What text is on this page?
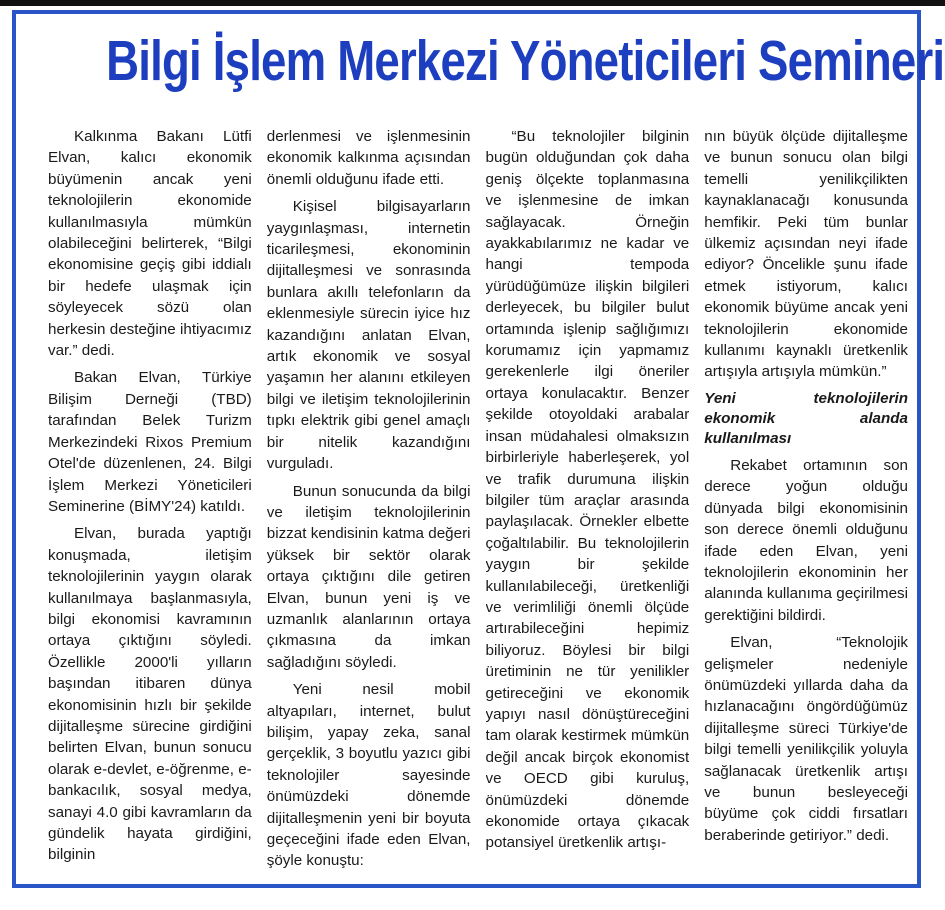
Bilgi İşlem Merkezi Yöneticileri Semineri

Kalkınma Bakanı Lütfi Elvan, kalıcı ekonomik büyümenin ancak yeni teknolojilerin ekonomide kullanılmasıyla mümkün olabileceğini belirterek, “Bilgi ekonomisine geçiş gibi iddialı bir hedefe ulaşmak için söyleyecek sözü olan herkesin desteğine ihtiyacımız var.” dedi.

Bakan Elvan, Türkiye Bilişim Derneği (TBD) tarafından Belek Turizm Merkezindeki Rixos Premium Otel'de düzenlenen, 24. Bilgi İşlem Merkezi Yöneticileri Seminerine (BİMY'24) katıldı.

Elvan, burada yaptığı konuşmada, iletişim teknolojilerinin yaygın olarak kullanılmaya başlanmasıyla, bilgi ekonomisi kavramının ortaya çıktığını söyledi. Özellikle 2000'li yılların başından itibaren dünya ekonomisinin hızlı bir şekilde dijitalleşme sürecine girdiğini belirten Elvan, bunun sonucu olarak e-devlet, e-öğrenme, e-bankacılık, sosyal medya, sanayi 4.0 gibi kavramların da gündelik hayata girdiğini, bilginin

derlenmesi ve işlenmesinin ekonomik kalkınma açısından önemli olduğunu ifade etti.

Kişisel bilgisayarların yaygınlaşması, internetin ticarileşmesi, ekonominin dijitalleşmesi ve sonrasında bunlara akıllı telefonların da eklenmesiyle sürecin iyice hız kazandığını anlatan Elvan, artık ekonomik ve sosyal yaşamın her alanını etkileyen bilgi ve iletişim teknolojilerinin tıpkı elektrik gibi genel amaçlı bir nitelik kazandığını vurguladı.

Bunun sonucunda da bilgi ve iletişim teknolojilerinin bizzat kendisinin katma değeri yüksek bir sektör olarak ortaya çıktığını dile getiren Elvan, bunun yeni iş ve uzmanlık alanlarının ortaya çıkmasına da imkan sağladığını söyledi.

Yeni nesil mobil altyapıları, internet, bulut bilişim, yapay zeka, sanal gerçeklik, 3 boyutlu yazıcı gibi teknolojiler sayesinde önümüzdeki dönemde dijitalleşmenin yeni bir boyuta geçeceğini ifade eden Elvan, şöyle konuştu:

“Bu teknolojiler bilginin bugün olduğundan çok daha geniş ölçekte toplanmasına ve işlenmesine de imkan sağlayacak. Örneğin ayakkabılarımız ne kadar ve hangi tempoda yürüdüğümüze ilişkin bilgileri derleyecek, bu bilgiler bulut ortamında işlenip sağlığımızı korumamız için yapmamız gerekenlerle ilgi öneriler ortaya konulacaktır. Benzer şekilde otoyoldaki arabalar insan müdahalesi olmaksızın birbirleriyle haberleşerek, yol ve trafik durumuna ilişkin bilgiler tüm araçlar arasında paylaşılacak. Örnekler elbette çoğaltılabilir. Bu teknolojilerin yaygın bir şekilde kullanılabileceği, üretkenliği ve verimliliği önemli ölçüde artırabileceğini hepimiz biliyoruz. Böylesi bir bilgi üretiminin ne tür yenilikler getireceğini ve ekonomik yapıyı nasıl dönüştüreceğini tam olarak kestirmek mümkün değil ancak birçok ekonomist ve OECD gibi kuruluş, önümüzdeki dönemde ekonomide ortaya çıkacak potansiyel üretkenlik artışı-

nın büyük ölçüde dijitalleşme ve bunun sonucu olan bilgi temelli yenilikçilikten kaynaklanacağı konusunda hemfikir. Peki tüm bunlar ülkemiz açısından neyi ifade ediyor? Öncelikle şunu ifade etmek istiyorum, kalıcı ekonomik büyüme ancak yeni teknolojilerin ekonomide kullanımı kaynaklı üretkenlik artışıyla artışıyla mümkün.”

Yeni teknolojilerin ekonomik alanda kullanılması

Rekabet ortamının son derece yoğun olduğu dünyada bilgi ekonomisinin son derece önemli olduğunu ifade eden Elvan, yeni teknolojilerin ekonominin her alanında kullanıma geçirilmesi gerektiğini bildirdi.

Elvan, “Teknolojik gelişmeler nedeniyle önümüzdeki yıllarda daha da hızlanacağını öngördüğümüz dijitalleşme süreci Türkiye'de bilgi temelli yenilikçilik yoluyla sağlanacak üretkenlik artışı ve bunun besleyeceği büyüme çok ciddi fırsatları beraberinde getiriyor.” dedi.
